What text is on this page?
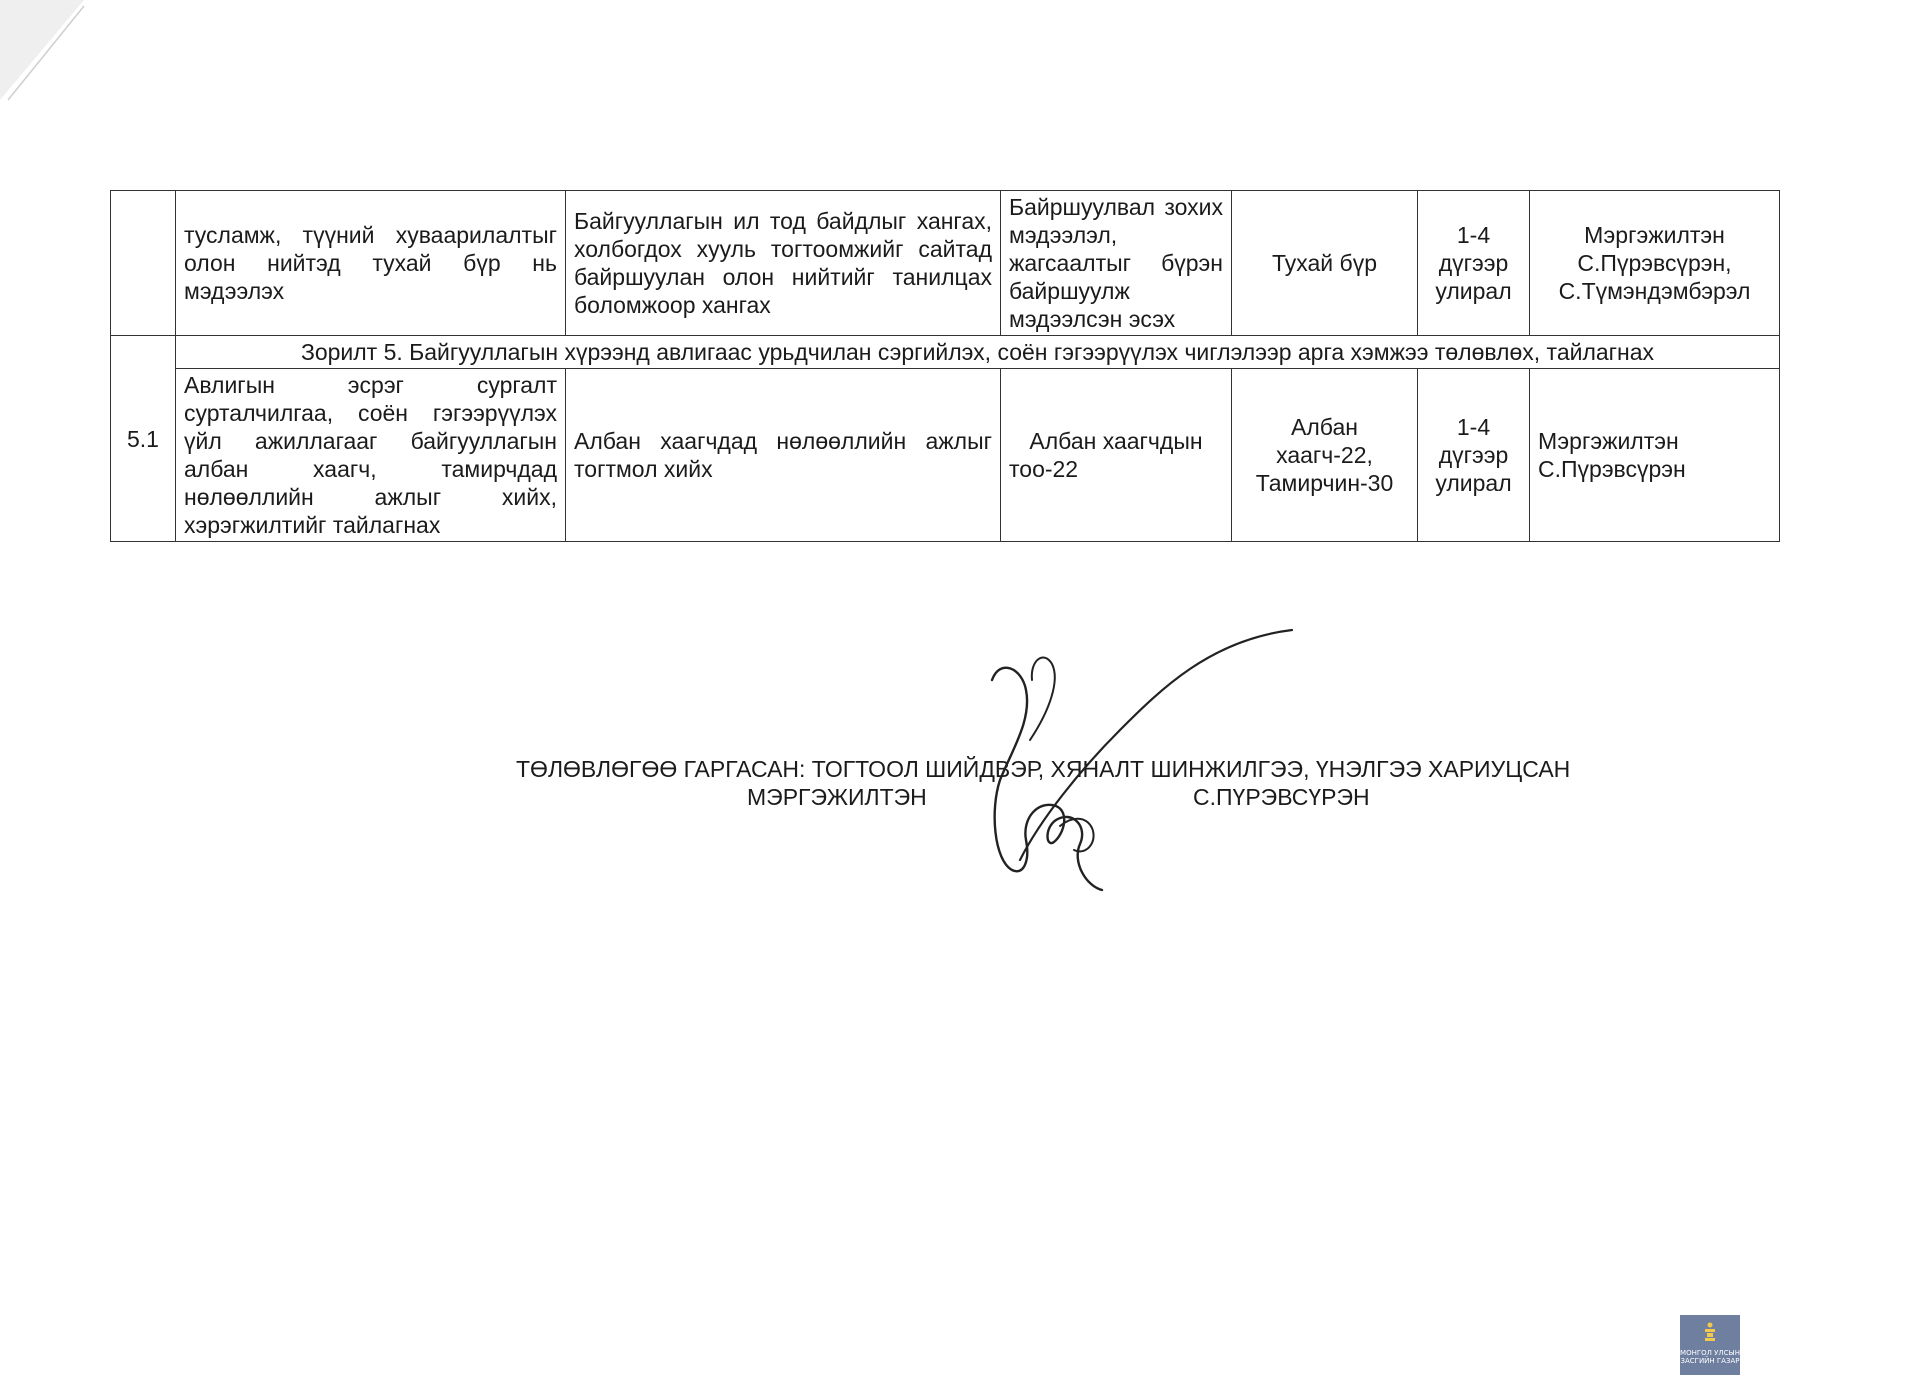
	тусламж, түүний хуваарилалтыг олон нийтэд тухай бүр нь мэдээлэх	Байгууллагын ил тод байдлыг хангах, холбогдох хууль тогтоомжийг сайтад байршуулан олон нийтийг танилцах боломжоор хангах	Байршуулвал зохих мэдээлэл, жагсаалтыг бүрэн байршуулж мэдээлсэн эсэх	Тухай бүр	1-4 дүгээр улирал	Мэргэжилтэн С.Пүрэвсүрэн, С.Түмэндэмбэрэл
5.1	Зорилт 5. Байгууллагын хүрээнд авлигаас урьдчилан сэргийлэх, соён гэгээрүүлэх чиглэлээр арга хэмжээ төлөвлөх, тайлагнах					
	Авлигын эсрэг сургалт сурталчилгаа, соён гэгээрүүлэх үйл ажиллагааг байгууллагын албан хаагч, тамирчдад нөлөөллийн ажлыг хийх, хэрэгжилтийг тайлагнах	Албан хаагчдад нөлөөллийн ажлыг тогтмол хийх	Албан хаагчдын тоо-22	Албан хаагч-22, Тамирчин-30	1-4 дүгээр улирал	Мэргэжилтэн С.Пүрэвсүрэн
ТӨЛӨВЛӨГӨӨ ГАРГАСАН: ТОГТООЛ ШИЙДВЭР, ХЯНАЛТ ШИНЖИЛГЭЭ, ҮНЭЛГЭЭ ХАРИУЦСАН
МЭРГЭЖИЛТЭН	С.ПҮРЭВСҮРЭН
МОНГОЛ УЛСЫН ЗАСГИЙН ГАЗАР
